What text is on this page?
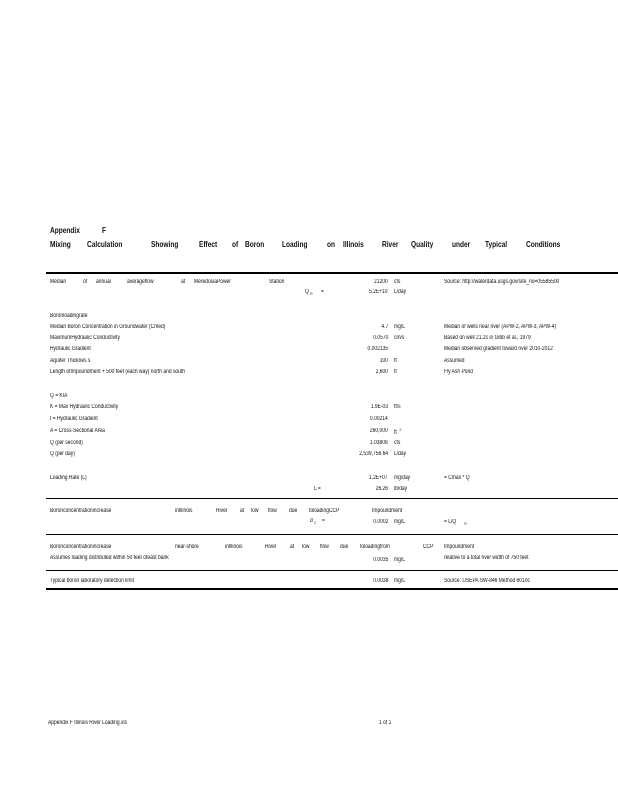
Appendix	F
Mixing Calculation	Showing	Effect of Boron Loading on Illinois River Quality under Typical Conditions
Median	of annual	averageflow	at MeredosiaPower	Station	21200 cfs	Source: http://waterdata.usgs.gov/site_no=05585500
Q $_R$ =	5.2E+10 L/day
Boronloadingrate
Median Boron Concentration in Groundwater (Cmed)	4.7 mg/L	Median of wells near river (APW-2, APW-3, APW-4)
MaximumHydraulic Conductivity	0.0570 cm/s	Based on well 21.2c in Gibb et al., 1979
Hydraulic Gradient	0.002135	Median observed gradient toward river 2010-2012
Aquifer Thicknes s	100 ft	Assumed
Length ofImpoundment + 500 feet (each way) north and south	2,600 ft	Fly Ash Pond
Q = KIA
K = Max Hydraulic Conductivity	1.9E-03 ft/s
I = Hydraulic Gradient	0.00214
A = Cross-Sectional Area	260,000 ft  $^2$
Q (per second)	1.03808 cfs
Q (per day)	2,539,756.64 L/day
Loading Rate (L)	1.2E+07 mg/day	= Cmax * Q
L =	26.26 lb/day
Boronconcentrationincrease	inIllinois	River at low flow due toloadingCCP	Impoundment
d $_C$ =	0.0002 mg/L	= L/Q $_R$
Boronconcentrationincrease	near-shore	inIllinois	River at low flow due toloadingfrom	CCP Impoundment
Assumes loading distributed within 50 feet ofeast bank	0.0035 mg/L	relative to a total river width of 750 feet
Typical boron laboratory detection limit	0.0038 mg/L	Source: USEPA SW-846 Method 6010c
Appendix F Illinois River Loading.xls	1 of 1
